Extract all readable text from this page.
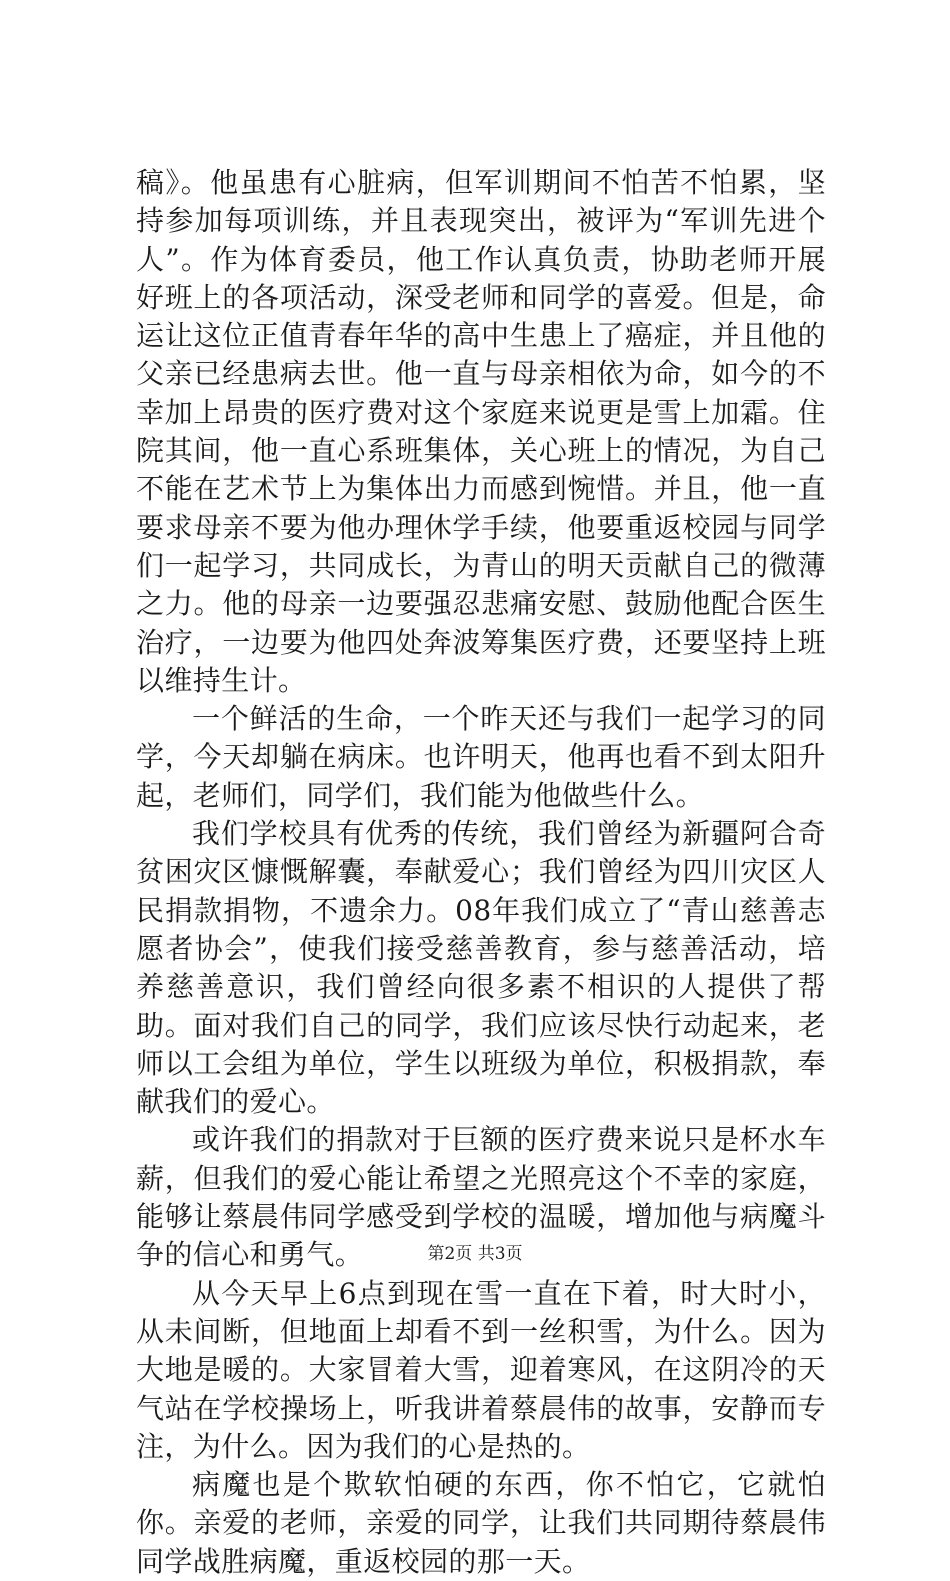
稿》。他虽患有心脏病，但军训期间不怕苦不怕累，坚持参加每项训练，并且表现突出，被评为“军训先进个人”。作为体育委员，他工作认真负责，协助老师开展好班上的各项活动，深受老师和同学的喜爱。但是，命运让这位正值青春年华的高中生患上了癌症，并且他的父亲已经患病去世。他一直与母亲相依为命，如今的不幸加上昂贵的医疗费对这个家庭来说更是雪上加霜。住院其间，他一直心系班集体，关心班上的情况，为自己不能在艺术节上为集体出力而感到惋惜。并且，他一直要求母亲不要为他办理休学手续，他要重返校园与同学们一起学习，共同成长，为青山的明天贡献自己的微薄之力。他的母亲一边要强忍悲痛安慰、鼓励他配合医生治疗，一边要为他四处奔波筹集医疗费，还要坚持上班以维持生计。

一个鲜活的生命，一个昨天还与我们一起学习的同学，今天却躺在病床。也许明天，他再也看不到太阳升起，老师们，同学们，我们能为他做些什么。

我们学校具有优秀的传统，我们曾经为新疆阿合奇贫困灾区慷慨解囊，奉献爱心；我们曾经为四川灾区人民捐款捐物，不遗余力。08年我们成立了“青山慈善志愿者协会”，使我们接受慈善教育，参与慈善活动，培养慈善意识，我们曾经向很多素不相识的人提供了帮助。面对我们自己的同学，我们应该尽快行动起来，老师以工会组为单位，学生以班级为单位，积极捐款，奉献我们的爱心。

或许我们的捐款对于巨额的医疗费来说只是杯水车薪，但我们的爱心能让希望之光照亮这个不幸的家庭，能够让蔡晨伟同学感受到学校的温暖，增加他与病魔斗争的信心和勇气。

从今天早上6点到现在雪一直在下着，时大时小，从未间断，但地面上却看不到一丝积雪，为什么。因为大地是暖的。大家冒着大雪，迎着寒风，在这阴冷的天气站在学校操场上，听我讲着蔡晨伟的故事，安静而专注，为什么。因为我们的心是热的。

病魔也是个欺软怕硬的东西，你不怕它，它就怕你。亲爱的老师，亲爱的同学，让我们共同期待蔡晨伟同学战胜病魔，重返校园的那一天。

第2页 共3页
